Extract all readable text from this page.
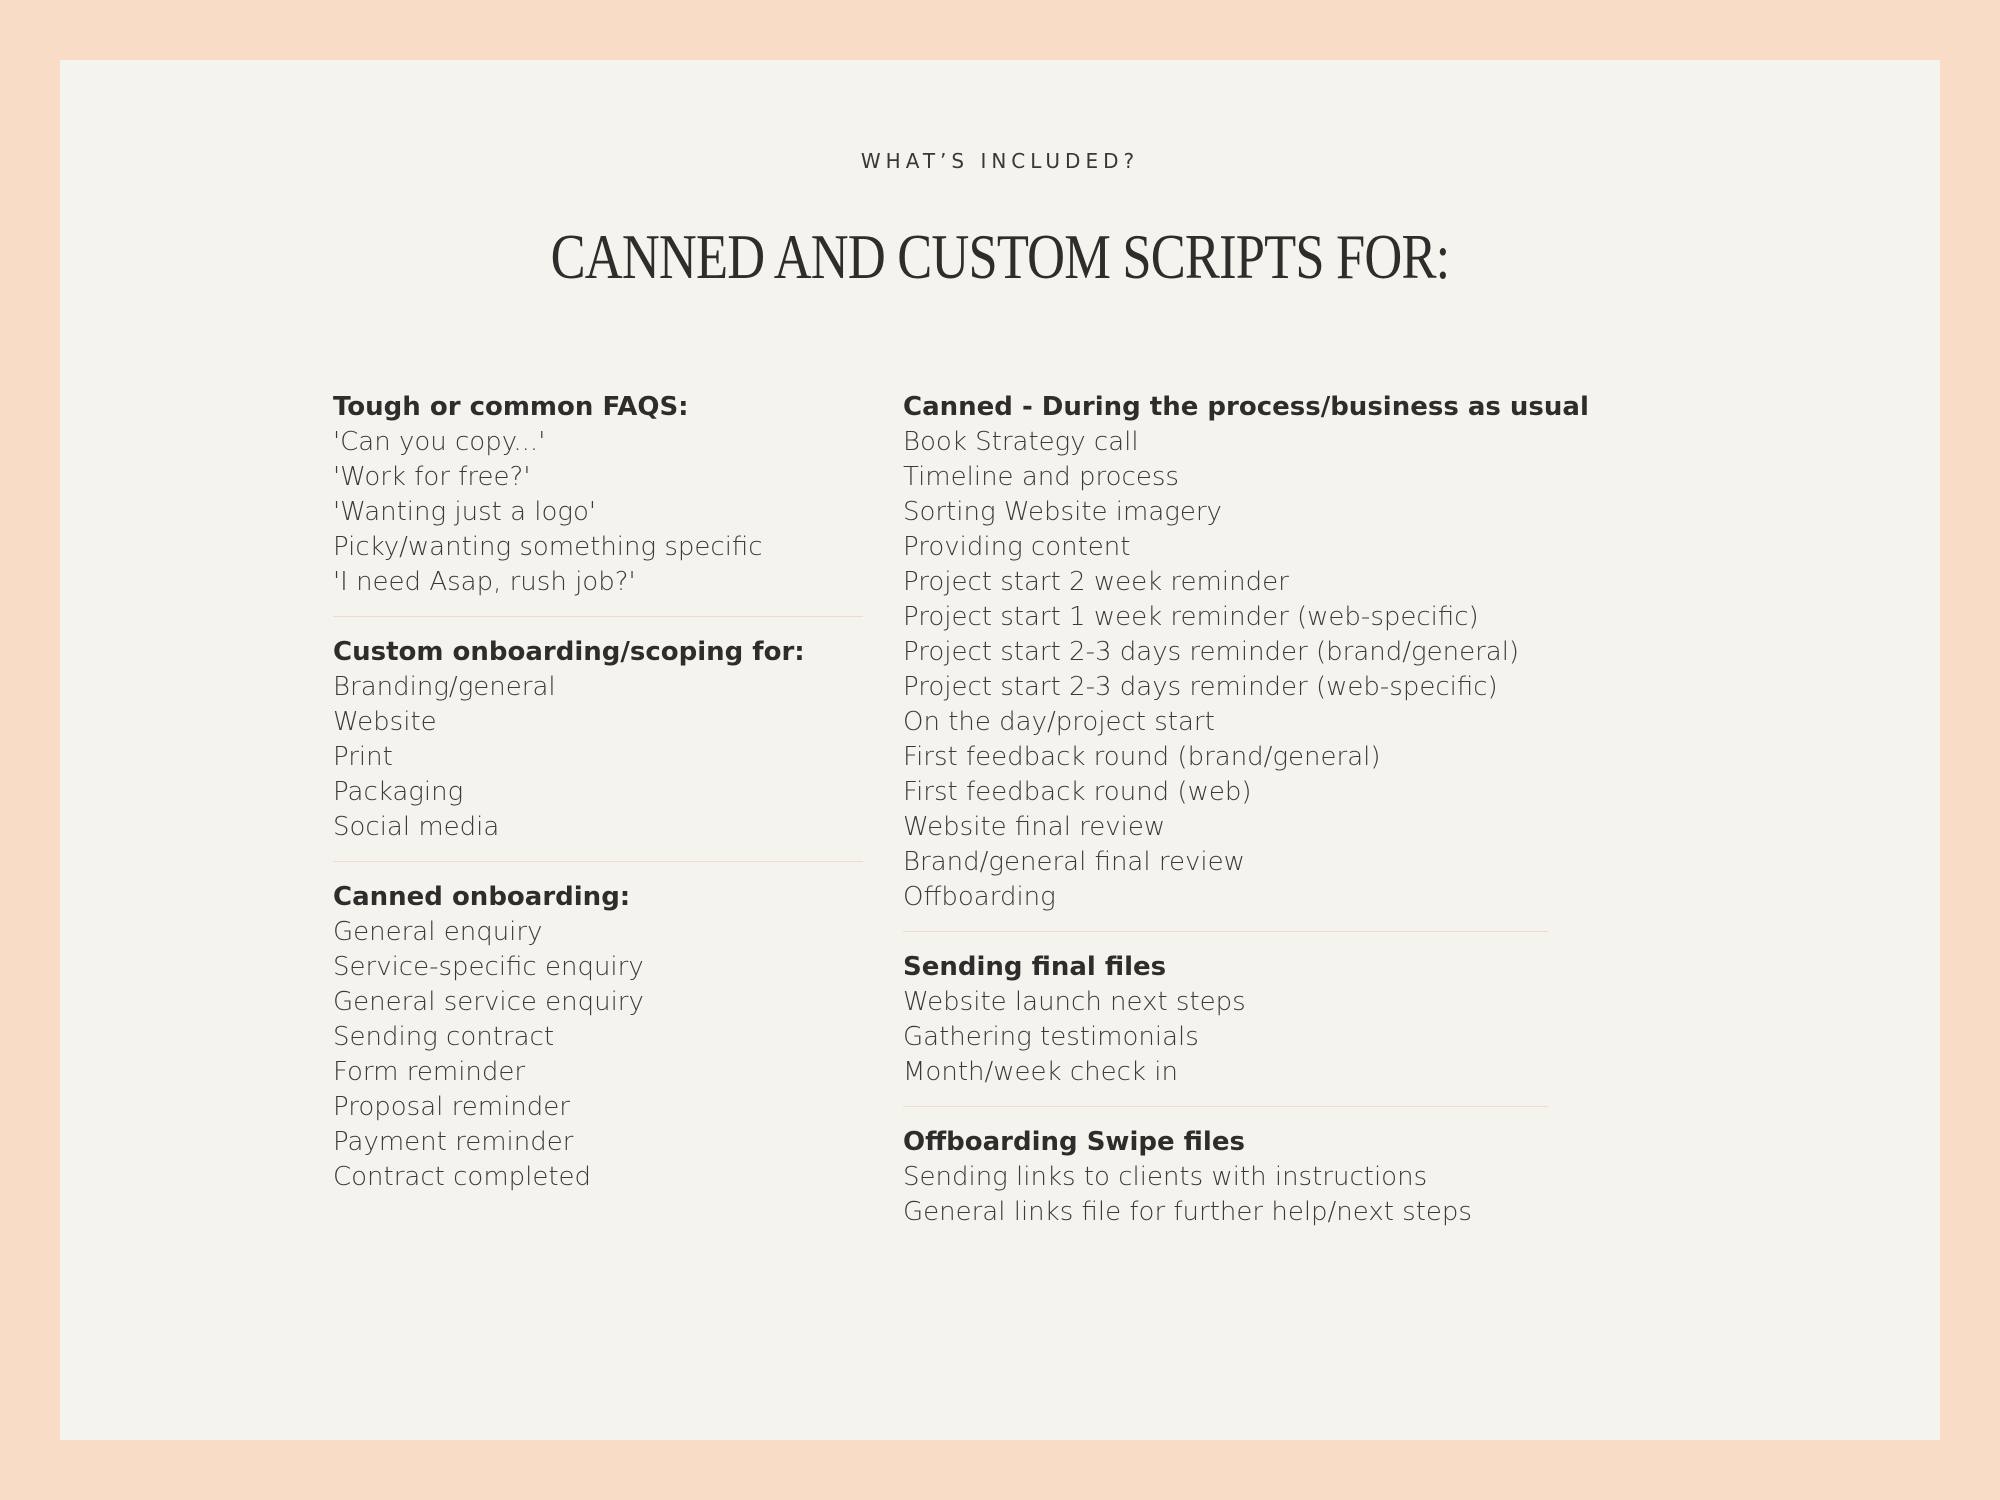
WHAT’S INCLUDED?

CANNED AND CUSTOM SCRIPTS FOR:

Tough or common FAQS:

'Can you copy...'
'Work for free?'
'Wanting just a logo'
Picky/wanting something specific
'I need Asap, rush job?'

Custom onboarding/scoping for:

Branding/general
Website
Print
Packaging
Social media

Canned onboarding:

General enquiry
Service-specific enquiry
General service enquiry
Sending contract
Form reminder
Proposal reminder
Payment reminder
Contract completed

Canned - During the process/business as usual

Book Strategy call
Timeline and process
Sorting Website imagery
Providing content
Project start 2 week reminder
Project start 1 week reminder (web-specific)
Project start 2-3 days reminder (brand/general)
Project start 2-3 days reminder (web-specific)
On the day/project start
First feedback round (brand/general)
First feedback round (web)
Website final review
Brand/general final review
Offboarding

Sending final files

Website launch next steps
Gathering testimonials
Month/week check in

Offboarding Swipe files

Sending links to clients with instructions
General links file for further help/next steps
